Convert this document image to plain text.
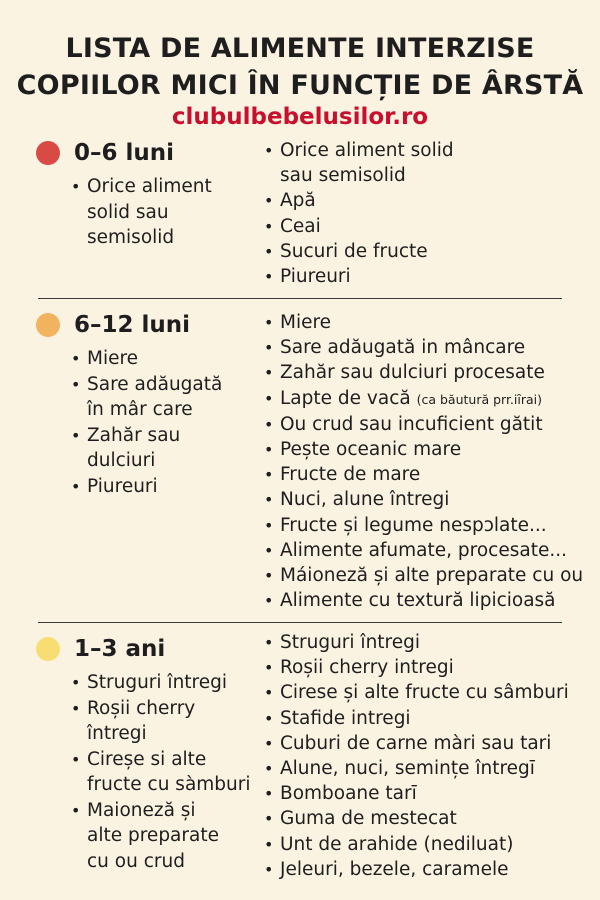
LISTA DE ALIMENTE INTERZISE
COPIILOR MICI ÎN FUNCȚIE DE ÂRSTĂ
clubulbebelusilor.ro
0–6 luni
• Orice aliment solid sau semisolid
• Orice aliment solid sau semisolid
• Apă
• Ceai
• Sucuri de fructe
• Piureuri
6–12 luni
• Miere
• Sare adăugată în mâr care
• Zahăr sau dulciuri
• Piureuri
• Miere
• Sare adăugată in mâncare
• Zahăr sau dulciuri procesate
• Lapte de vacă (ca băutură prr.iȋrai)
• Ou crud sau incuficient gătit
• Pește oceanic mare
• Fructe de mare
• Nuci, alune întregi
• Fructe și legume nespɔlate...
• Alimente afumate, procesate...
• Máioneză și alte preparate cu ou
• Alimente cu textură lipicioasă
1–3 ani
• Struguri întregi
• Roșii cherry întregi
• Cireșe si alte fructe cu sàmburi
• Maioneză și alte preparate cu ou crud
• Struguri întregi
• Roșii cherry intregi
• Cirese și alte fructe cu sâmburi
• Stafide intregi
• Cuburi de carne màri sau tari
• Alune, nuci, semințe întregī
• Bomboane tarī
• Guma de mestecat
• Unt de arahide (nediluat)
• Jeleuri, bezele, caramele
